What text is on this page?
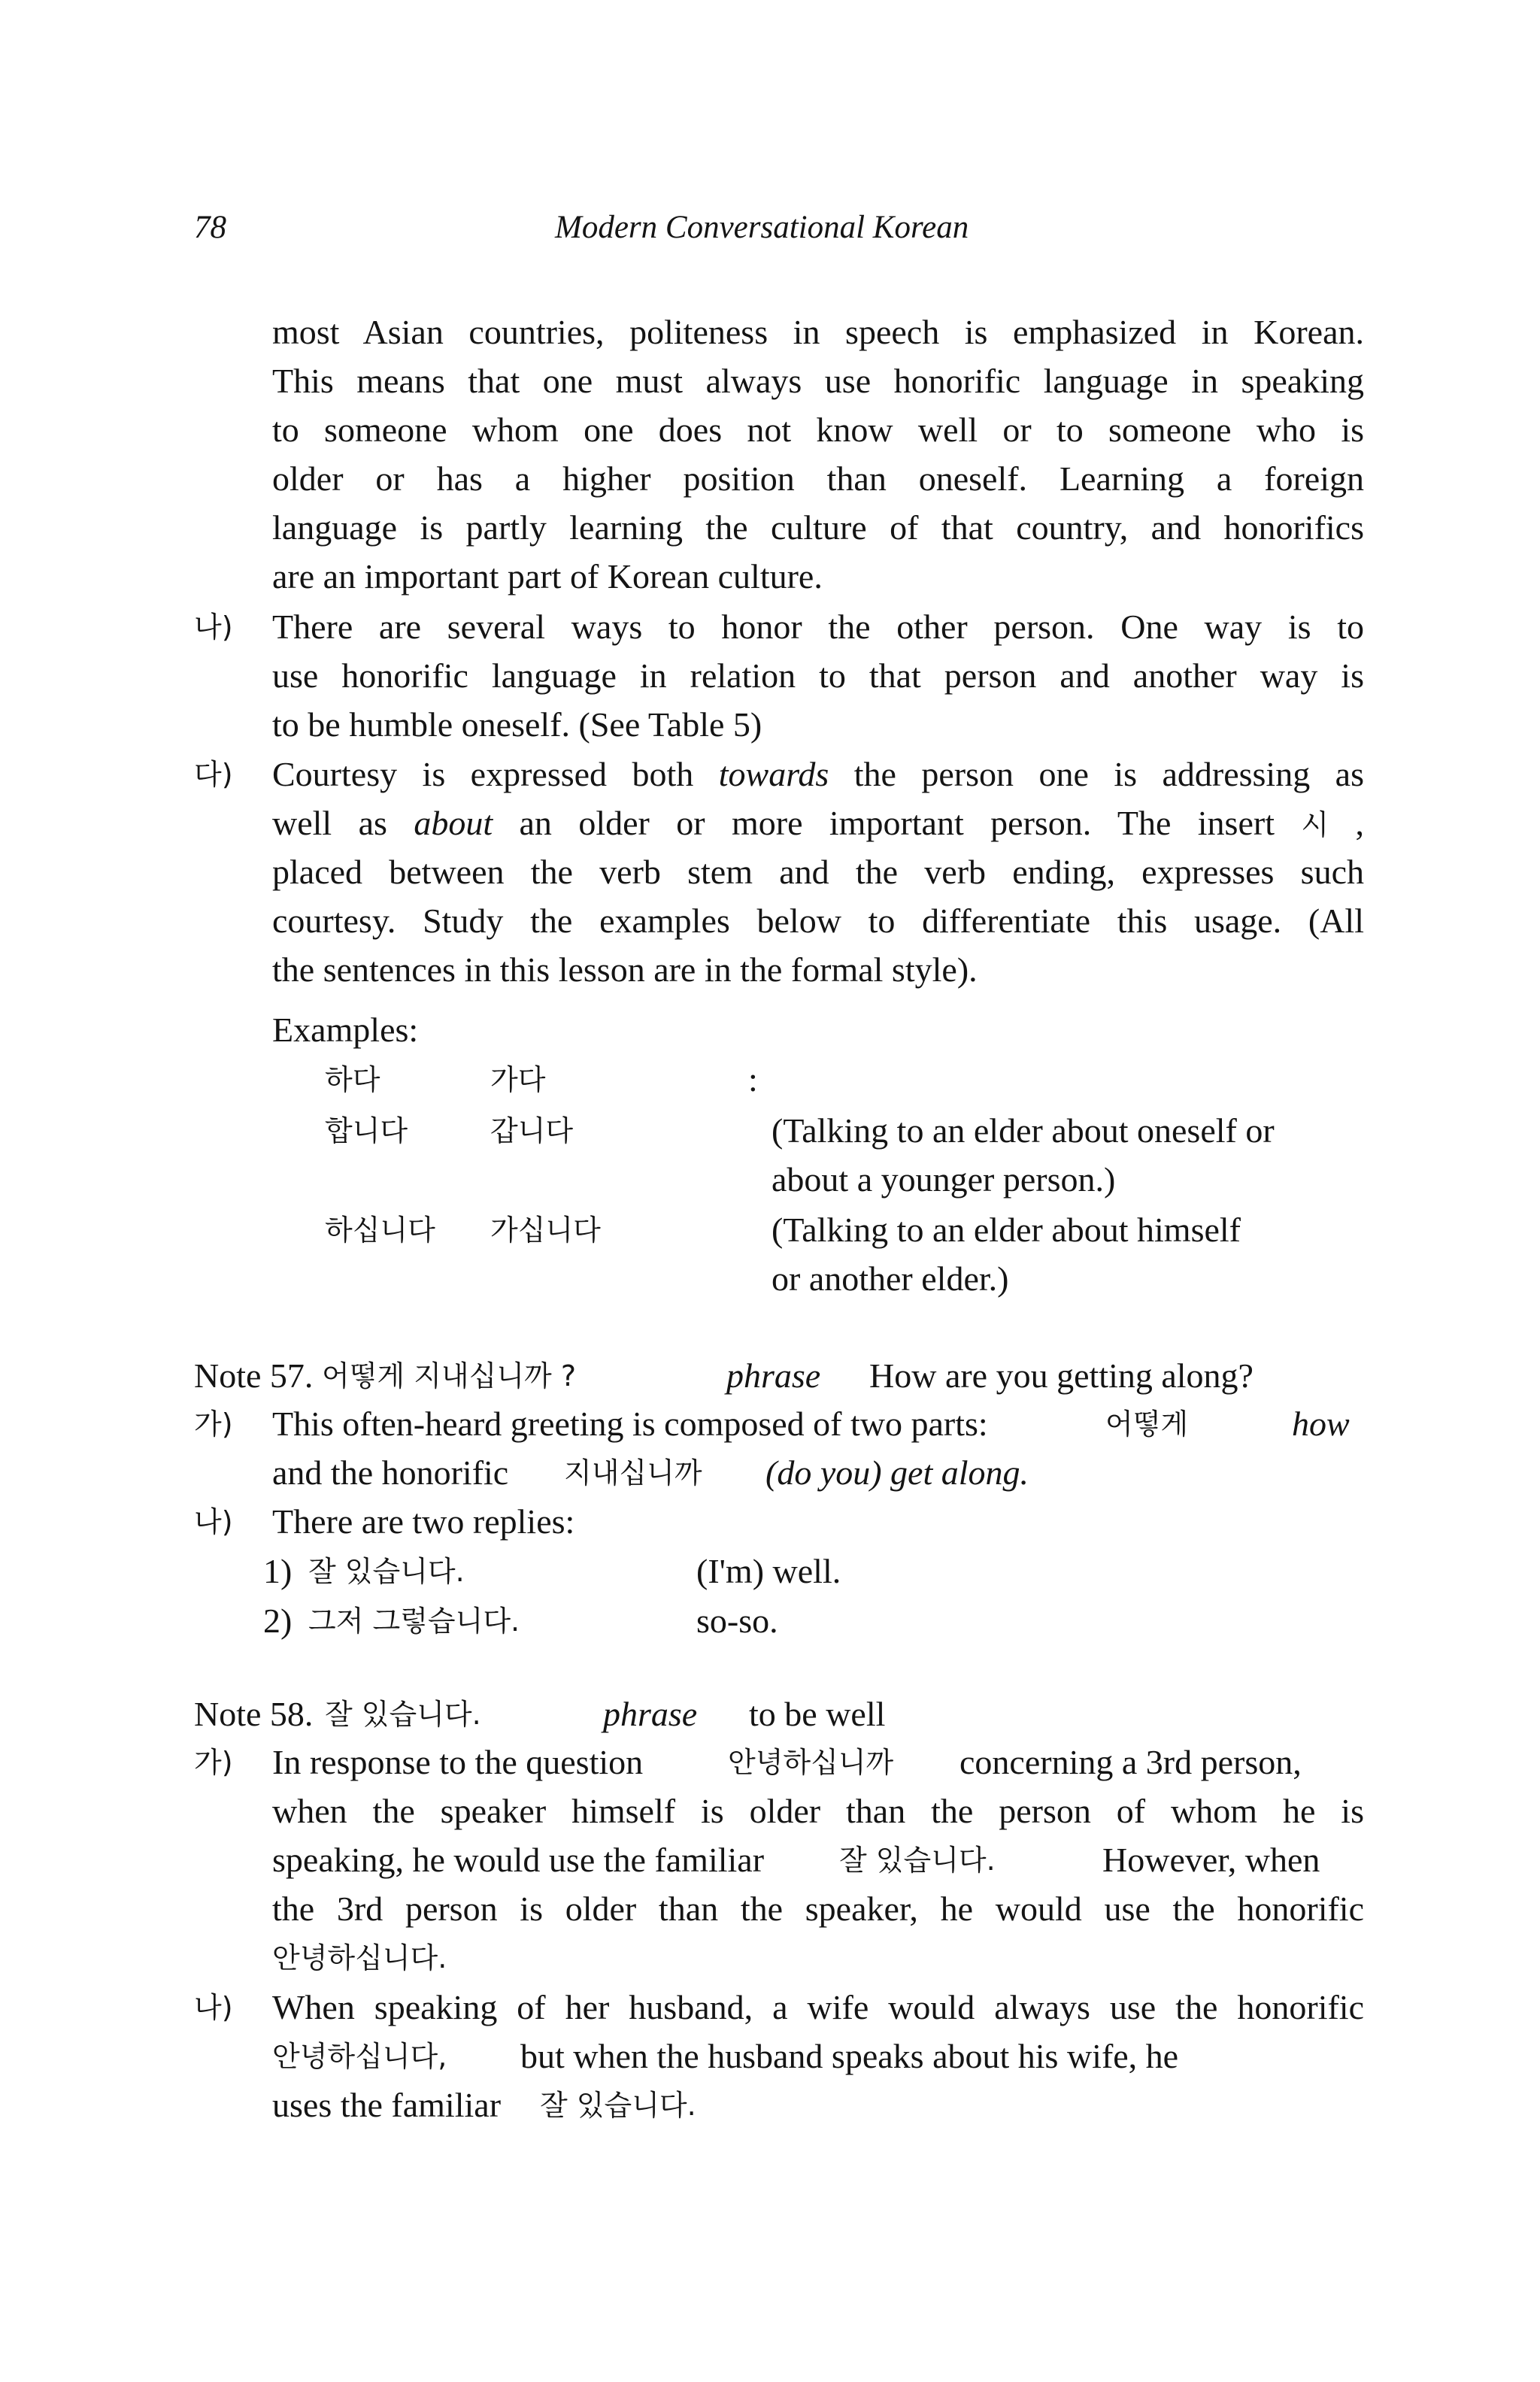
78	Modern Conversational Korean
most Asian countries, politeness in speech is emphasized in Korean.
This means that one must always use honorific language in speaking
to someone whom one does not know well or to someone who is
older or has a higher position than oneself. Learning a foreign
language is partly learning the culture of that country, and honorifics
are an important part of Korean culture.
나) There are several ways to honor the other person. One way is to
use honorific language in relation to that person and another way is
to be humble oneself. (See Table 5)
다) Courtesy is expressed both towards the person one is addressing as
well as about an older or more important person. The insert 시 ,
placed between the verb stem and the verb ending, expresses such
courtesy. Study the examples below to differentiate this usage. (All
the sentences in this lesson are in the formal style).
Examples:
하다	가다	:
합니다	갑니다	(Talking to an elder about oneself or
about a younger person.)
하십니다 가십니다	(Talking to an elder about himself
or another elder.)
Note 57. 어떻게 지내십니까 ?	phrase How are you getting along?
가) This often-heard greeting is composed of two parts:	어떻게	how
and the honorific 지내십니까 (do you) get along.
나) There are two replies:
1) 잘 있습니다.	(I'm) well.
2) 그저 그렇습니다.	so-so.
Note 58. 잘 있습니다.	phrase to be well
가) In response to the question	안녕하십니까 concerning a 3rd person,
when the speaker himself is older than the person of whom he is
speaking, he would use the familiar	잘 있습니다.	However, when
the 3rd person is older than the speaker, he would use the honorific
안녕하십니다.
나) When speaking of her husband, a wife would always use the honorific
안녕하십니다, but when the husband speaks about his wife, he
uses the familiar 잘 있습니다.
